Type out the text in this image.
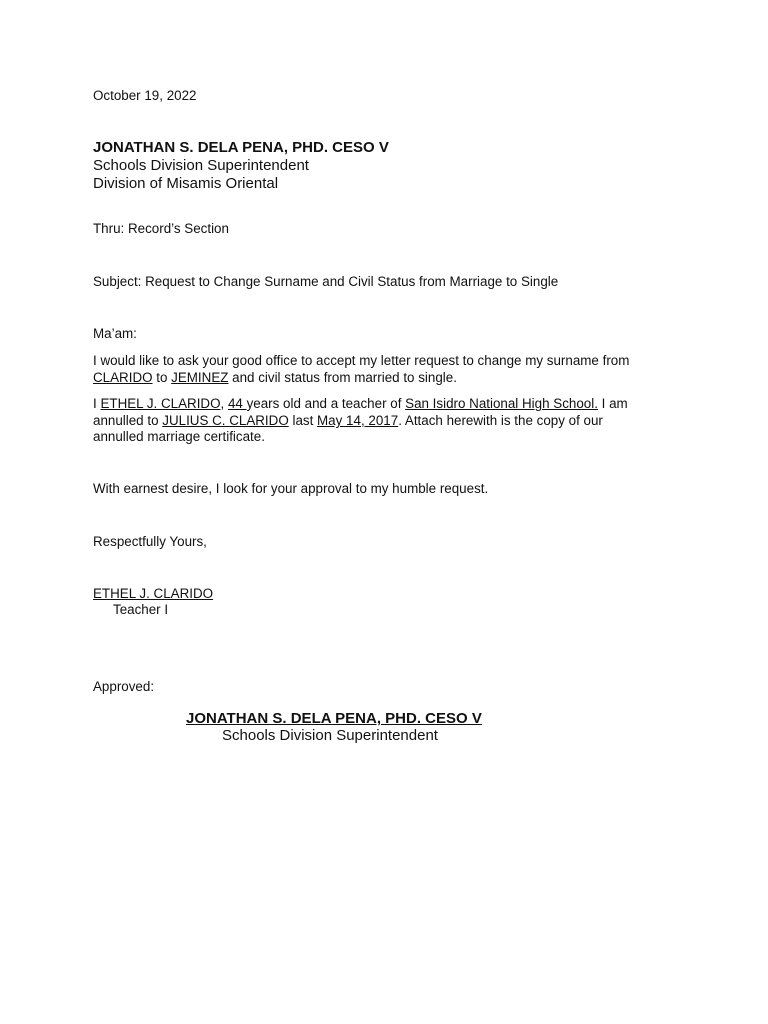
October 19, 2022
JONATHAN S. DELA PENA, PHD. CESO V
Schools Division Superintendent
Division of Misamis Oriental
Thru: Record’s Section
Subject: Request to Change Surname and Civil Status from Marriage to Single
Ma’am:
I would like to ask your good office to accept my letter request to change my surname from
CLARIDO to JEMINEZ and civil status from married to single.
I ETHEL J. CLARIDO, 44 years old and a teacher of San Isidro National High School. I am
annulled to JULIUS C. CLARIDO last May 14, 2017. Attach herewith is the copy of our
annulled marriage certificate.
With earnest desire, I look for your approval to my humble request.
Respectfully Yours,
ETHEL J. CLARIDO
Teacher I
Approved:
JONATHAN S. DELA PENA, PHD. CESO V
Schools Division Superintendent
